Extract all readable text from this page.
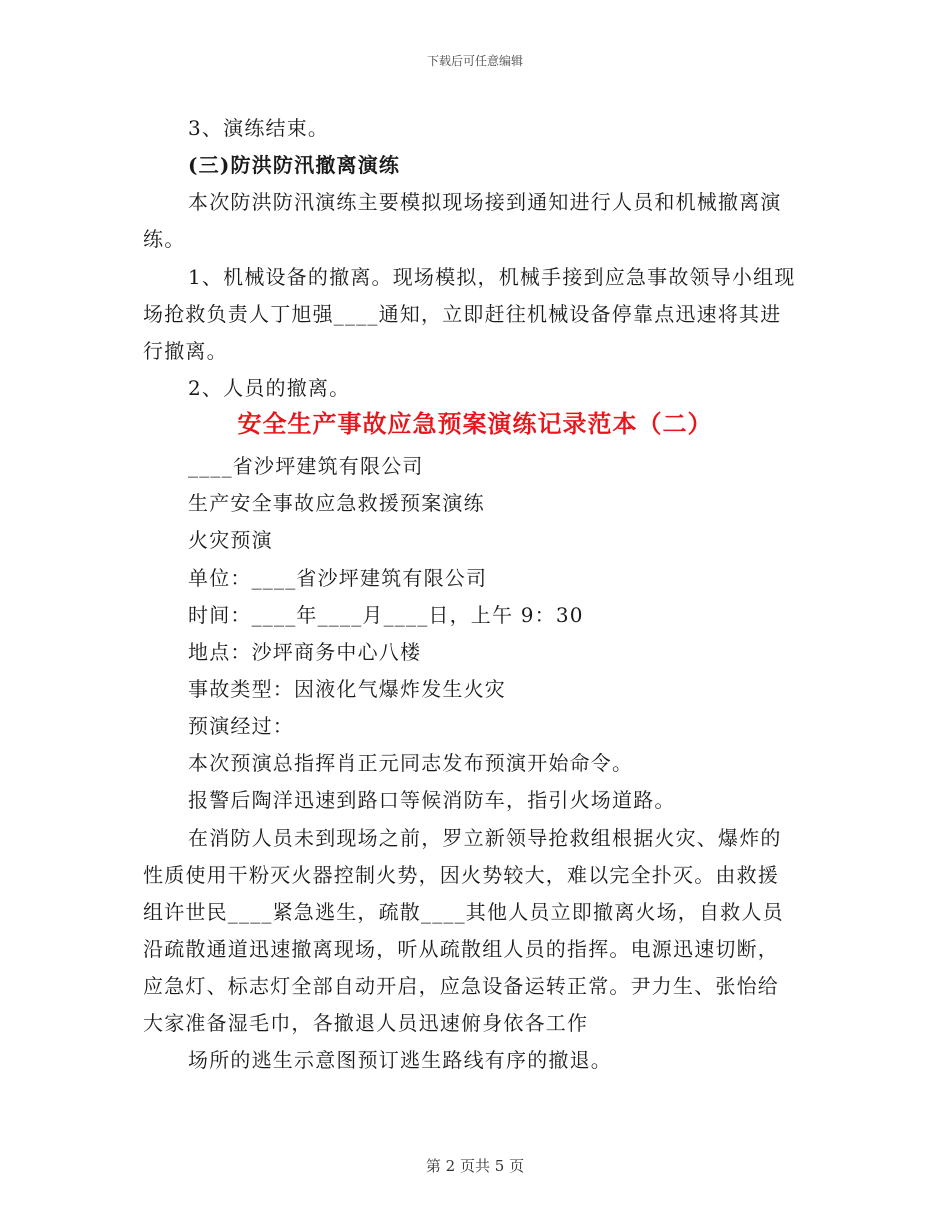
下载后可任意编辑
3、演练结束。
(三)防洪防汛撤离演练
本次防洪防汛演练主要模拟现场接到通知进行人员和机械撤离演
练。
1、机械设备的撤离。现场模拟，机械手接到应急事故领导小组现
场抢救负责人丁旭强____通知，立即赶往机械设备停靠点迅速将其进
行撤离。
2、人员的撤离。
安全生产事故应急预案演练记录范本（二）
____省沙坪建筑有限公司
生产安全事故应急救援预案演练
火灾预演
单位：____省沙坪建筑有限公司
时间：____年____月____日，上午 9：30
地点：沙坪商务中心八楼
事故类型：因液化气爆炸发生火灾
预演经过：
本次预演总指挥肖正元同志发布预演开始命令。
报警后陶洋迅速到路口等候消防车，指引火场道路。
在消防人员未到现场之前，罗立新领导抢救组根据火灾、爆炸的
性质使用干粉灭火器控制火势，因火势较大，难以完全扑灭。由救援
组许世民____紧急逃生，疏散____其他人员立即撤离火场，自救人员
沿疏散通道迅速撤离现场，听从疏散组人员的指挥。电源迅速切断，
应急灯、标志灯全部自动开启，应急设备运转正常。尹力生、张怡给
大家准备湿毛巾，各撤退人员迅速俯身依各工作
场所的逃生示意图预订逃生路线有序的撤退。
第 2 页共 5 页
